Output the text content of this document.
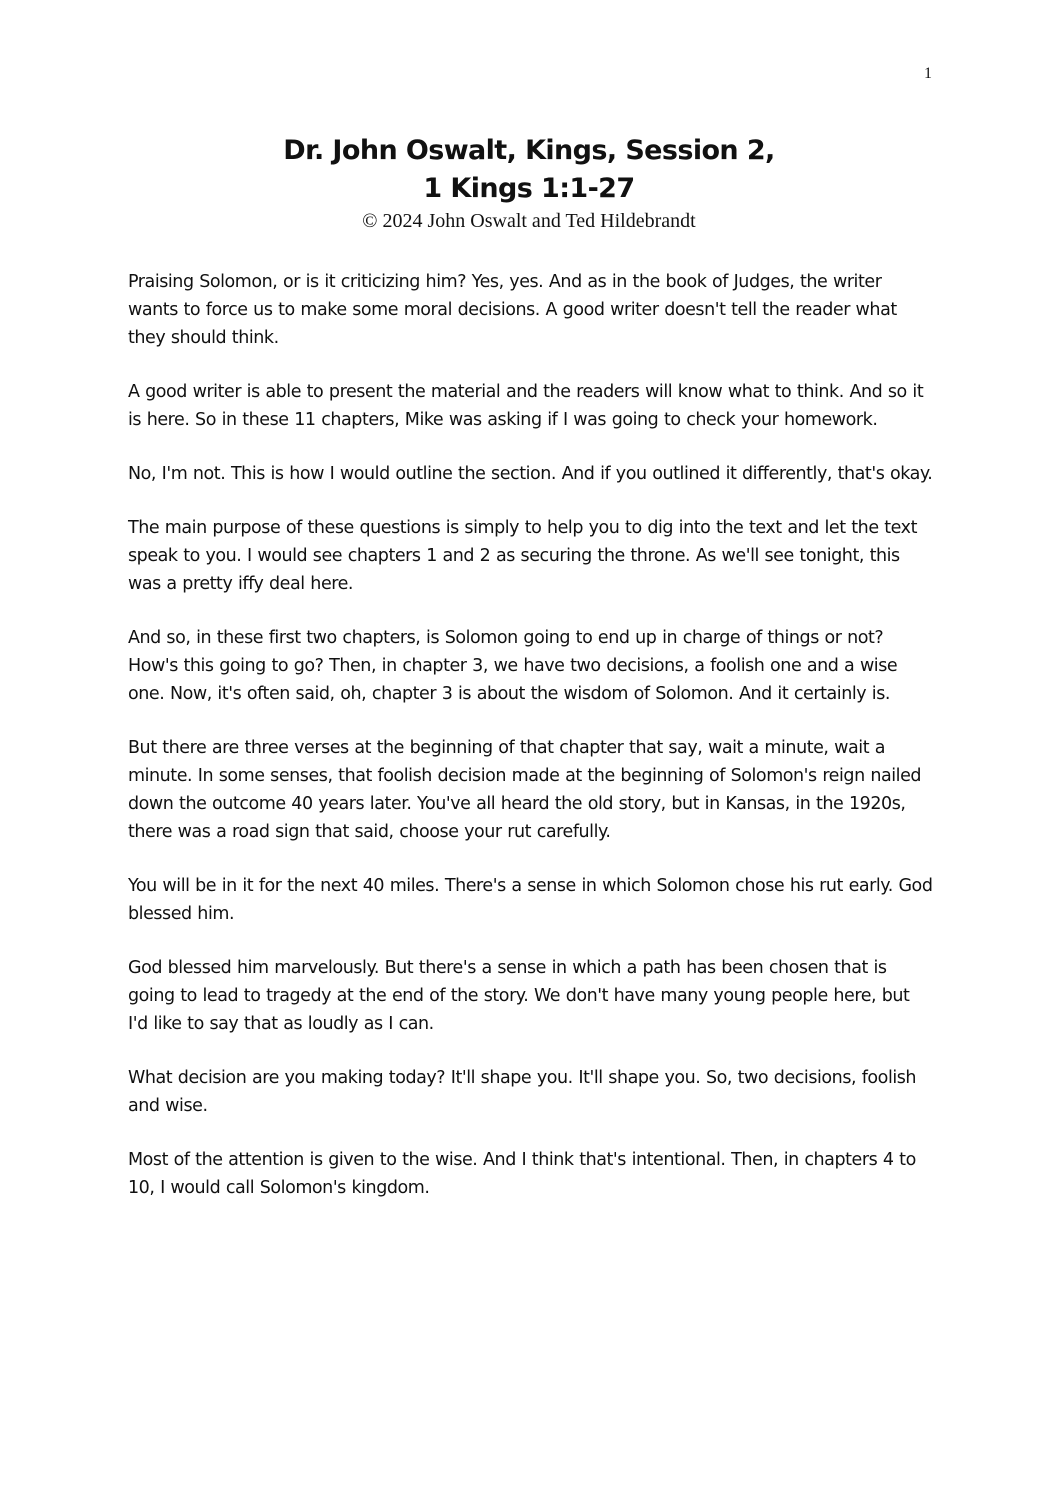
1
Dr. John Oswalt, Kings, Session 2,
1 Kings 1:1-27

© 2024 John Oswalt and Ted Hildebrandt

Praising Solomon, or is it criticizing him? Yes, yes. And as in the book of Judges, the writer wants to force us to make some moral decisions. A good writer doesn't tell the reader what they should think.

A good writer is able to present the material and the readers will know what to think. And so it is here. So in these 11 chapters, Mike was asking if I was going to check your homework.

No, I'm not. This is how I would outline the section. And if you outlined it differently, that's okay.

The main purpose of these questions is simply to help you to dig into the text and let the text speak to you. I would see chapters 1 and 2 as securing the throne. As we'll see tonight, this was a pretty iffy deal here.

And so, in these first two chapters, is Solomon going to end up in charge of things or not? How's this going to go? Then, in chapter 3, we have two decisions, a foolish one and a wise one. Now, it's often said, oh, chapter 3 is about the wisdom of Solomon. And it certainly is.

But there are three verses at the beginning of that chapter that say, wait a minute, wait a minute. In some senses, that foolish decision made at the beginning of Solomon's reign nailed down the outcome 40 years later. You've all heard the old story, but in Kansas, in the 1920s, there was a road sign that said, choose your rut carefully.

You will be in it for the next 40 miles. There's a sense in which Solomon chose his rut early. God blessed him.

God blessed him marvelously. But there's a sense in which a path has been chosen that is going to lead to tragedy at the end of the story. We don't have many young people here, but I'd like to say that as loudly as I can.

What decision are you making today? It'll shape you. It'll shape you. So, two decisions, foolish and wise.

Most of the attention is given to the wise. And I think that's intentional. Then, in chapters 4 to 10, I would call Solomon's kingdom.
